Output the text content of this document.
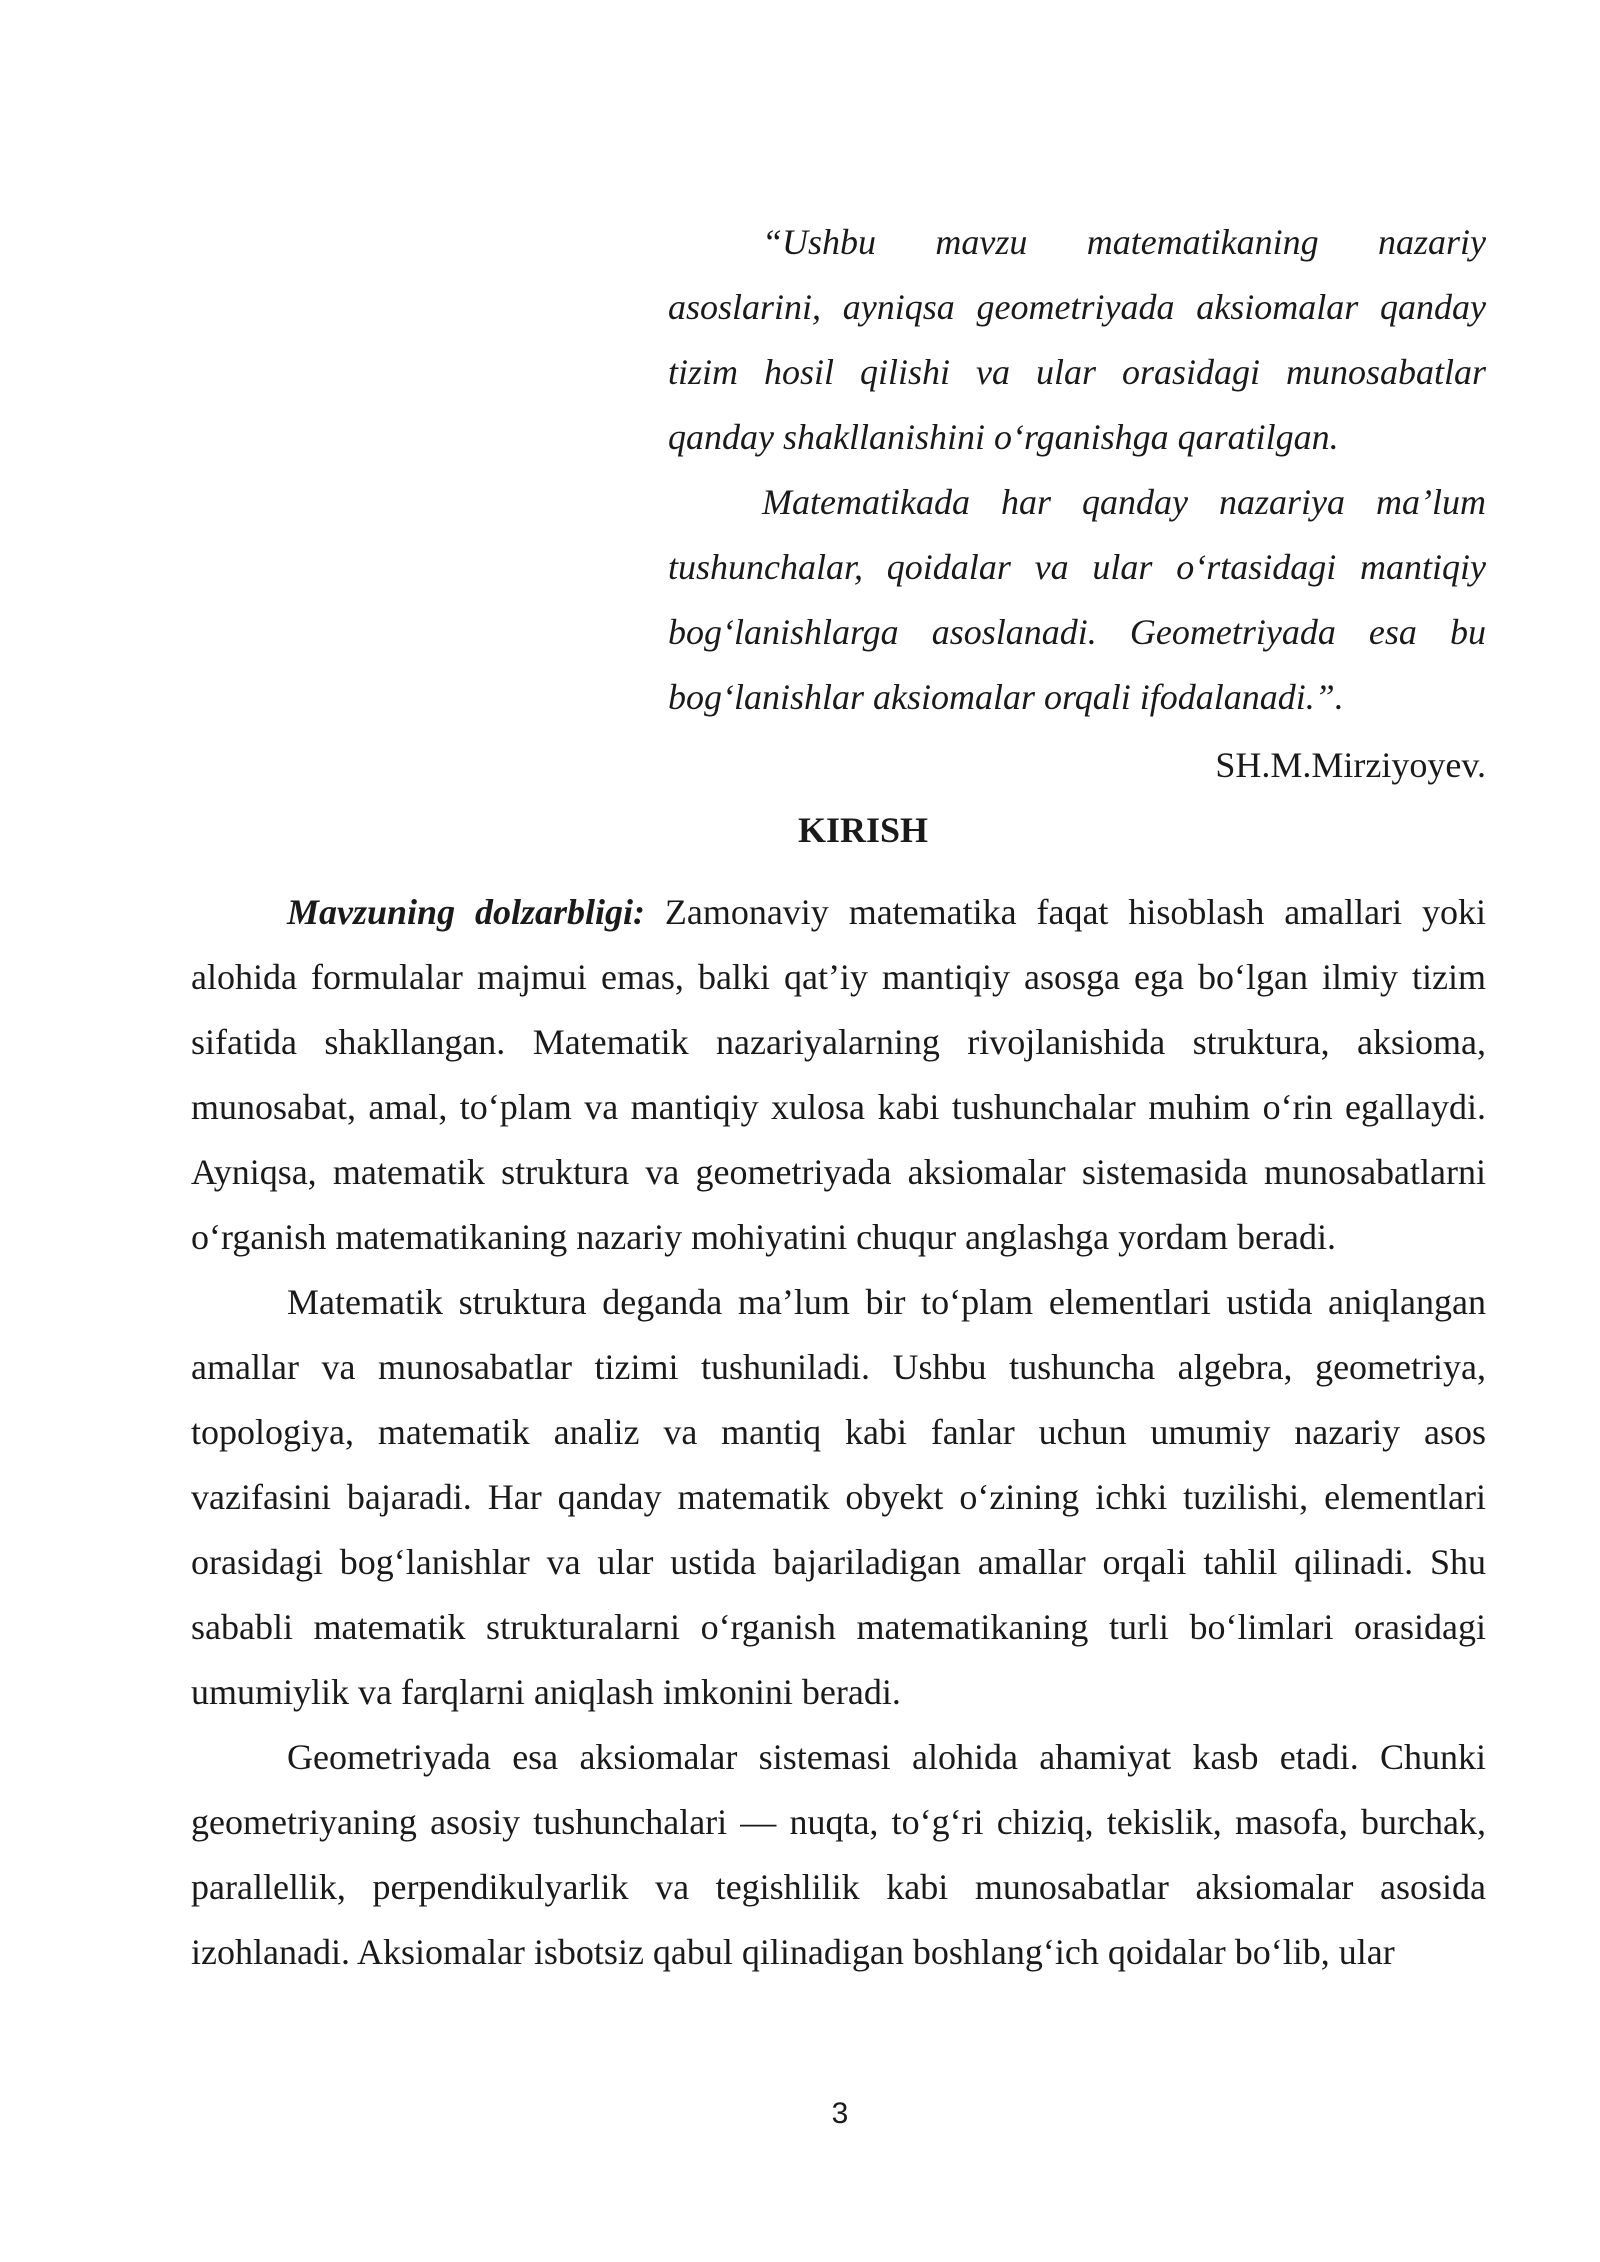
“Ushbu mavzu matematikaning nazariy asoslarini, ayniqsa geometriyada aksiomalar qanday tizim hosil qilishi va ular orasidagi munosabatlar qanday shakllanishini o‘rganishga qaratilgan.

Matematikada har qanday nazariya ma’lum tushunchalar, qoidalar va ular o‘rtasidagi mantiqiy bog‘lanishlarga asoslanadi. Geometriyada esa bu bog‘lanishlar aksiomalar orqali ifodalanadi.”.

SH.M.Mirziyoyev.
KIRISH

Mavzuning dolzarbligi: Zamonaviy matematika faqat hisoblash amallari yoki alohida formulalar majmui emas, balki qat’iy mantiqiy asosga ega bo‘lgan ilmiy tizim sifatida shakllangan. Matematik nazariyalarning rivojlanishida struktura, aksioma, munosabat, amal, to‘plam va mantiqiy xulosa kabi tushunchalar muhim o‘rin egallaydi. Ayniqsa, matematik struktura va geometriyada aksiomalar sistemasida munosabatlarni o‘rganish matematikaning nazariy mohiyatini chuqur anglashga yordam beradi.

Matematik struktura deganda ma’lum bir to‘plam elementlari ustida aniqlangan amallar va munosabatlar tizimi tushuniladi. Ushbu tushuncha algebra, geometriya, topologiya, matematik analiz va mantiq kabi fanlar uchun umumiy nazariy asos vazifasini bajaradi. Har qanday matematik obyekt o‘zining ichki tuzilishi, elementlari orasidagi bog‘lanishlar va ular ustida bajariladigan amallar orqali tahlil qilinadi. Shu sababli matematik strukturalarni o‘rganish matematikaning turli bo‘limlari orasidagi umumiylik va farqlarni aniqlash imkonini beradi.

Geometriyada esa aksiomalar sistemasi alohida ahamiyat kasb etadi. Chunki geometriyaning asosiy tushunchalari — nuqta, to‘g‘ri chiziq, tekislik, masofa, burchak, parallellik, perpendikulyarlik va tegishlilik kabi munosabatlar aksiomalar asosida izohlanadi. Aksiomalar isbotsiz qabul qilinadigan boshlang‘ich qoidalar bo‘lib, ular

3
